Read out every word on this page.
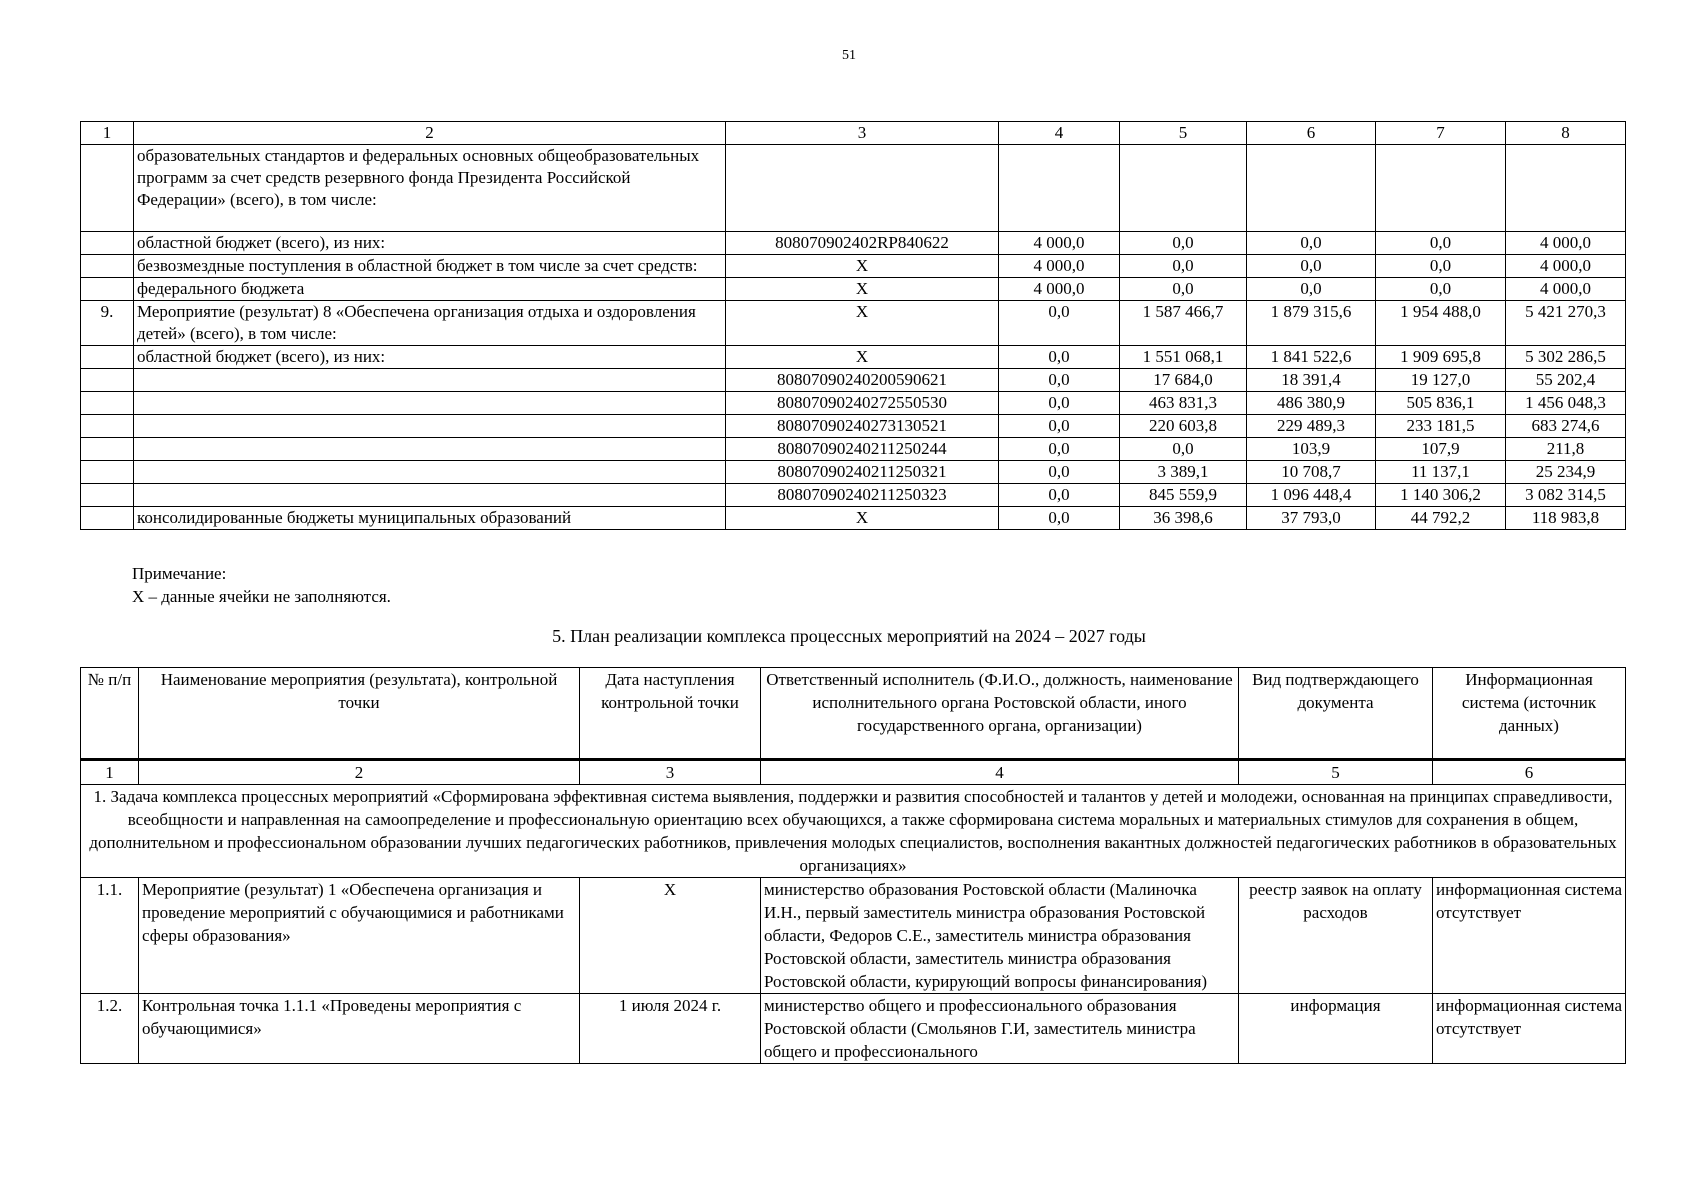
51
1	2	3	4	5	6	7	8
	образовательных стандартов и федеральных основных общеобразовательных программ за счет средств резервного фонда Президента Российской Федерации» (всего), в том числе:						
	областной бюджет (всего), из них:	808070902402RP840622	4 000,0	0,0	0,0	0,0	4 000,0
	безвозмездные поступления в областной бюджет в том числе за счет средств:	Х	4 000,0	0,0	0,0	0,0	4 000,0
	федерального бюджета	Х	4 000,0	0,0	0,0	0,0	4 000,0
9.	Мероприятие (результат) 8 «Обеспечена организация отдыха и оздоровления детей» (всего), в том числе:	Х	0,0	1 587 466,7	1 879 315,6	1 954 488,0	5 421 270,3
	областной бюджет (всего), из них:	Х	0,0	1 551 068,1	1 841 522,6	1 909 695,8	5 302 286,5
		80807090240200590621	0,0	17 684,0	18 391,4	19 127,0	55 202,4
		80807090240272550530	0,0	463 831,3	486 380,9	505 836,1	1 456 048,3
		80807090240273130521	0,0	220 603,8	229 489,3	233 181,5	683 274,6
		80807090240211250244	0,0	0,0	103,9	107,9	211,8
		80807090240211250321	0,0	3 389,1	10 708,7	11 137,1	25 234,9
		80807090240211250323	0,0	845 559,9	1 096 448,4	1 140 306,2	3 082 314,5
	консолидированные бюджеты муниципальных образований	Х	0,0	36 398,6	37 793,0	44 792,2	118 983,8
Примечание:
Х – данные ячейки не заполняются.
5. План реализации комплекса процессных мероприятий на 2024 – 2027 годы
№ п/п	Наименование мероприятия (результата), контрольной точки	Дата наступления контрольной точки	Ответственный исполнитель (Ф.И.О., должность, наименование исполнительного органа Ростовской области, иного государственного органа, организации)	Вид подтверждающего документа	Информационная система (источник данных)
1	2	3	4	5	6
1. Задача комплекса процессных мероприятий «Сформирована эффективная система выявления, поддержки и развития способностей и талантов у детей и молодежи, основанная на принципах справедливости, всеобщности и направленная на самоопределение и профессиональную ориентацию всех обучающихся, а также сформирована система моральных и материальных стимулов для сохранения в общем, дополнительном и профессиональном образовании лучших педагогических работников, привлечения молодых специалистов, восполнения вакантных должностей педагогических работников в образовательных организациях»					
1.1.	Мероприятие (результат) 1 «Обеспечена организация и проведение мероприятий с обучающимися и работниками сферы образования»	Х	министерство образования Ростовской области (Малиночка И.Н., первый заместитель министра образования Ростовской области, Федоров С.Е., заместитель министра образования Ростовской области, заместитель министра образования Ростовской области, курирующий вопросы финансирования)	реестр заявок на оплату расходов	информационная система отсутствует
1.2.	Контрольная точка 1.1.1 «Проведены мероприятия с обучающимися»	1 июля 2024 г.	министерство общего и профессионального образования Ростовской области (Смольянов Г.И, заместитель министра общего и профессионального	информация	информационная система отсутствует
